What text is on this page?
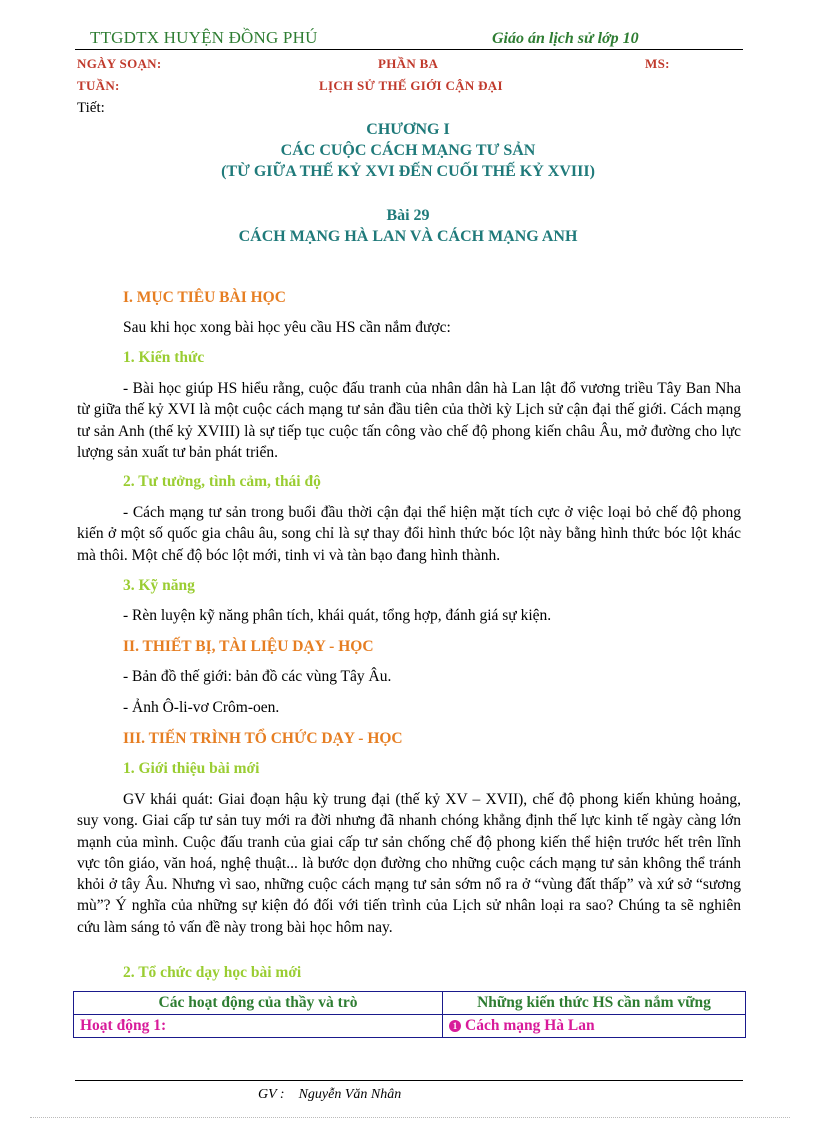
TTGDTX HUYỆN ĐỒNG PHÚ	Giáo án lịch sử lớp 10
NGÀY SOẠN:	PHẦN BA	MS:
TUẦN:	LỊCH SỬ THẾ GIỚI CẬN ĐẠI
Tiết:
CHƯƠNG I
CÁC CUỘC CÁCH MẠNG TƯ SẢN
(TỪ GIỮA THẾ KỶ XVI ĐẾN CUỐI THẾ KỶ XVIII)
Bài 29
CÁCH MẠNG HÀ LAN VÀ CÁCH MẠNG ANH
I. MỤC TIÊU BÀI HỌC
Sau khi học xong bài học yêu cầu HS cần nắm được:
1. Kiến thức
- Bài học giúp HS hiểu rằng, cuộc đấu tranh của nhân dân hà Lan lật đổ vương triều Tây Ban Nha từ giữa thế kỷ XVI là một cuộc cách mạng tư sản đầu tiên của thời kỳ Lịch sử cận đại thế giới. Cách mạng tư sản Anh (thế kỷ XVIII) là sự tiếp tục cuộc tấn công vào chế độ phong kiến châu Âu, mở đường cho lực lượng sản xuất tư bản phát triển.
2. Tư tưởng, tình cảm, thái độ
- Cách mạng tư sản trong buổi đầu thời cận đại thể hiện mặt tích cực ở việc loại bỏ chế độ phong kiến ở một số quốc gia châu âu, song chỉ là sự thay đổi hình thức bóc lột này bằng hình thức bóc lột khác mà thôi. Một chế độ bóc lột mới, tinh vi và tàn bạo đang hình thành.
3. Kỹ năng
- Rèn luyện kỹ năng phân tích, khái quát, tổng hợp, đánh giá sự kiện.
II. THIẾT BỊ, TÀI LIỆU DẠY - HỌC
- Bản đồ thế giới: bản đồ các vùng Tây Âu.
- Ảnh Ô-li-vơ Crôm-oen.
III. TIẾN TRÌNH TỔ CHỨC DẠY - HỌC
1. Giới thiệu bài mới
GV khái quát: Giai đoạn hậu kỳ trung đại (thế kỷ XV – XVII), chế độ phong kiến khủng hoảng, suy vong. Giai cấp tư sản tuy mới ra đời nhưng đã nhanh chóng khẳng định thế lực kinh tế ngày càng lớn mạnh của mình. Cuộc đấu tranh của giai cấp tư sản chống chế độ phong kiến thể hiện trước hết trên lĩnh vực tôn giáo, văn hoá, nghệ thuật... là bước dọn đường cho những cuộc cách mạng tư sản không thể tránh khỏi ở tây Âu. Nhưng vì sao, những cuộc cách mạng tư sản sớm nổ ra ở “vùng đất thấp” và xứ sở “sương mù”? Ý nghĩa của những sự kiện đó đối với tiến trình của Lịch sử nhân loại ra sao? Chúng ta sẽ nghiên cứu làm sáng tỏ vấn đề này trong bài học hôm nay.
2. Tổ chức dạy học bài mới
Các hoạt động của thầy và trò	Những kiến thức HS cần nắm vững
Hoạt động 1:	1 Cách mạng Hà Lan
GV : Nguyễn Văn Nhân
